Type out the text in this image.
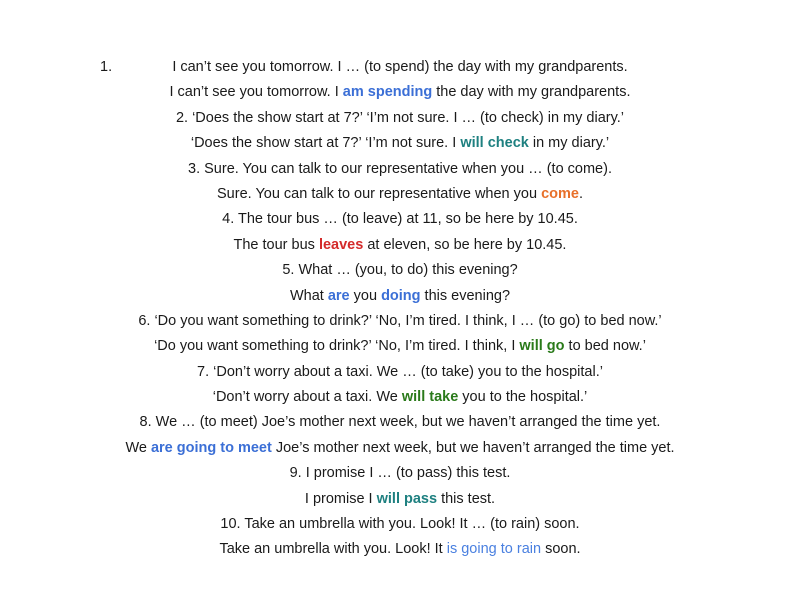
1.	I can’t see you tomorrow. I … (to spend) the day with my grandparents.
I can’t see you tomorrow. I am spending the day with my grandparents.
2. ‘Does the show start at 7?’ ‘I’m not sure. I … (to check) in my diary.’
‘Does the show start at 7?’ ‘I’m not sure. I will check in my diary.’
3. Sure. You can talk to our representative when you … (to come).
Sure. You can talk to our representative when you come.
4. The tour bus … (to leave) at 11, so be here by 10.45.
The tour bus leaves at eleven, so be here by 10.45.
5. What … (you, to do) this evening?
What are you doing this evening?
6. ‘Do you want something to drink?’ ‘No, I’m tired. I think, I … (to go) to bed now.’
‘Do you want something to drink?’ ‘No, I’m tired. I think, I will go to bed now.’
7. ‘Don’t worry about a taxi. We … (to take) you to the hospital.’
‘Don’t worry about a taxi. We will take you to the hospital.’
8. We … (to meet) Joe’s mother next week, but we haven’t arranged the time yet.
We are going to meet Joe’s mother next week, but we haven’t arranged the time yet.
9. I promise I … (to pass) this test.
I promise I will pass this test.
10. Take an umbrella with you. Look! It … (to rain) soon.
Take an umbrella with you. Look! It is going to rain soon.
